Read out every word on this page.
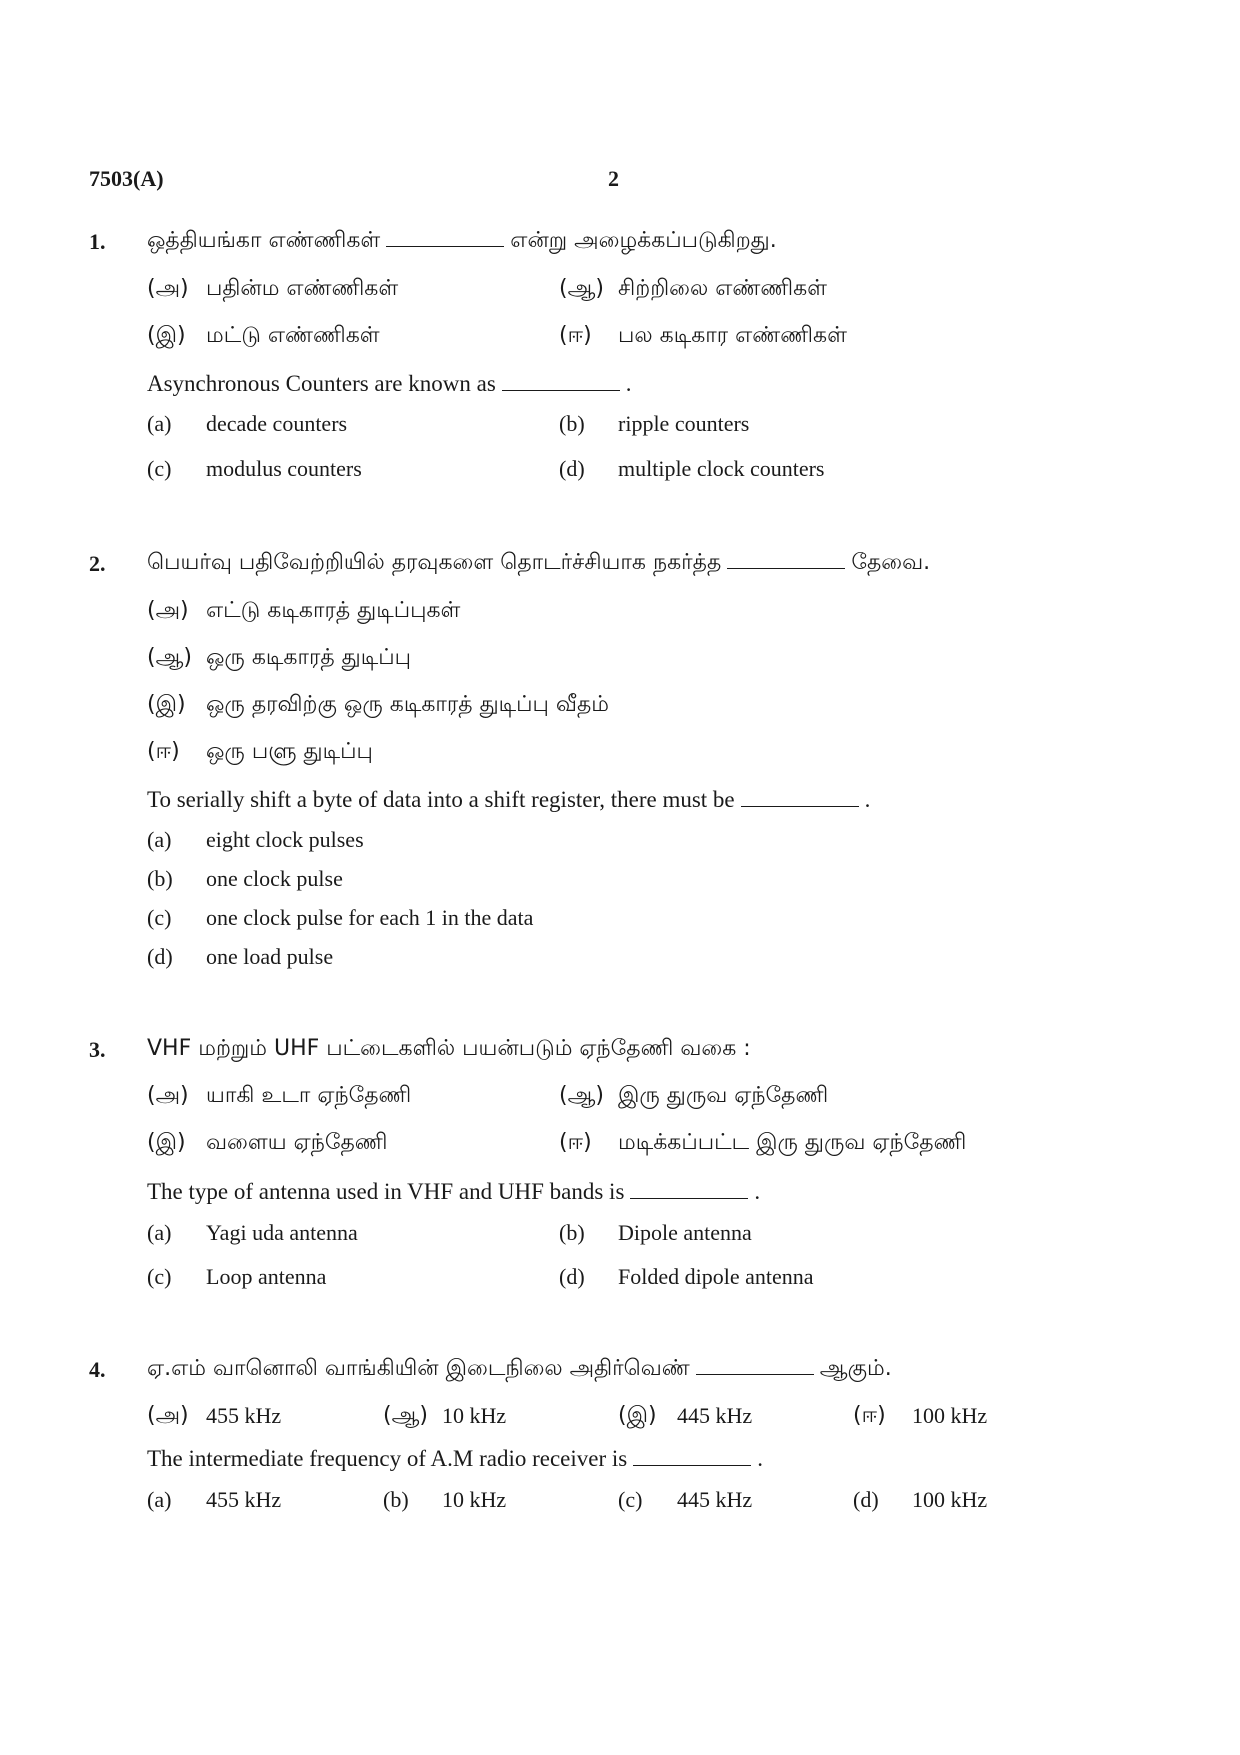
7503(A)	2
1. ஒத்தியங்கா எண்ணிகள்	என்று அழைக்கப்படுகிறது.
(அ) பதின்ம எண்ணிகள்	(ஆ) சிற்றிலை எண்ணிகள்
(இ) மட்டு எண்ணிகள்	(ஈ) பல கடிகார எண்ணிகள்
Asynchronous Counters are known as	.
(a) decade counters	(b) ripple counters
(c) modulus counters	(d) multiple clock counters
2. பெயர்வு பதிவேற்றியில் தரவுகளை தொடர்ச்சியாக நகர்த்த	தேவை.
(அ) எட்டு கடிகாரத் துடிப்புகள்
(ஆ) ஒரு கடிகாரத் துடிப்பு
(இ) ஒரு தரவிற்கு ஒரு கடிகாரத் துடிப்பு வீதம்
(ஈ) ஒரு பளு துடிப்பு
To serially shift a byte of data into a shift register, there must be	.
(a) eight clock pulses
(b) one clock pulse
(c) one clock pulse for each 1 in the data
(d) one load pulse
3. VHF மற்றும் UHF பட்டைகளில் பயன்படும் ஏந்தேணி வகை :
(அ) யாகி உடா ஏந்தேணி	(ஆ) இரு துருவ ஏந்தேணி
(இ) வளைய ஏந்தேணி	(ஈ) மடிக்கப்பட்ட இரு துருவ ஏந்தேணி
The type of antenna used in VHF and UHF bands is	.
(a) Yagi uda antenna	(b) Dipole antenna
(c) Loop antenna	(d) Folded dipole antenna
4. ஏ.எம் வானொலி வாங்கியின் இடைநிலை அதிர்வெண்	ஆகும்.
(அ) 455 kHz	(ஆ) 10 kHz	(இ) 445 kHz	(ஈ) 100 kHz
The intermediate frequency of A.M radio receiver is	.
(a) 455 kHz	(b) 10 kHz	(c) 445 kHz	(d) 100 kHz
